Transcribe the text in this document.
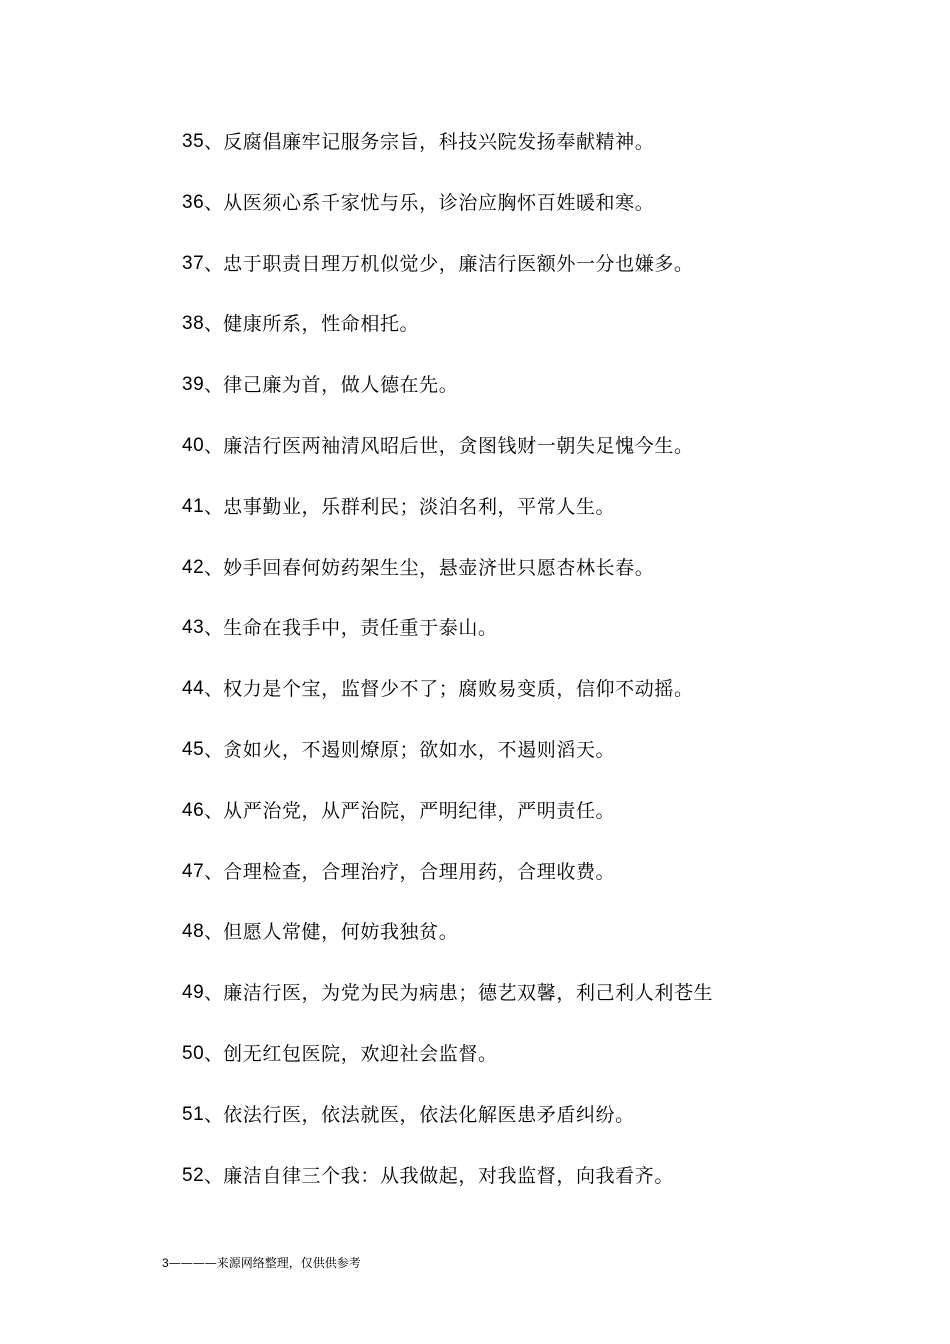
35 、 反腐倡廉牢记服务宗旨，科技兴院发扬奉献精神。
36 、 从医须心系千家忧与乐，诊治应胸怀百姓暖和寒。
37 、 忠于职责日理万机似觉少，廉洁行医额外一分也嫌多。
38 、 健康所系，性命相托。
39 、 律己廉为首，做人德在先。
40 、 廉洁行医两袖清风昭后世，贪图钱财一朝失足愧今生。
41 、 忠事勤业，乐群利民；淡泊名利，平常人生。
42 、 妙手回春何妨药架生尘，悬壶济世只愿杏林长春。
43 、 生命在我手中，责任重于泰山。
44 、 权力是个宝，监督少不了；腐败易变质，信仰不动摇。
45 、 贪如火，不遏则燎原；欲如水，不遏则滔天。
46 、 从严治党，从严治院，严明纪律，严明责任。
47 、 合理检查，合理治疗，合理用药，合理收费。
48 、 但愿人常健，何妨我独贫。
49 、 廉洁行医，为党为民为病患；德艺双馨，利己利人利苍生
50 、 创无红包医院，欢迎社会监督。
51 、 依法行医，依法就医，依法化解医患矛盾纠纷。
52 、 廉洁自律三个我：从我做起，对我监督，向我看齐。
3————来源网络整理，仅供供参考
